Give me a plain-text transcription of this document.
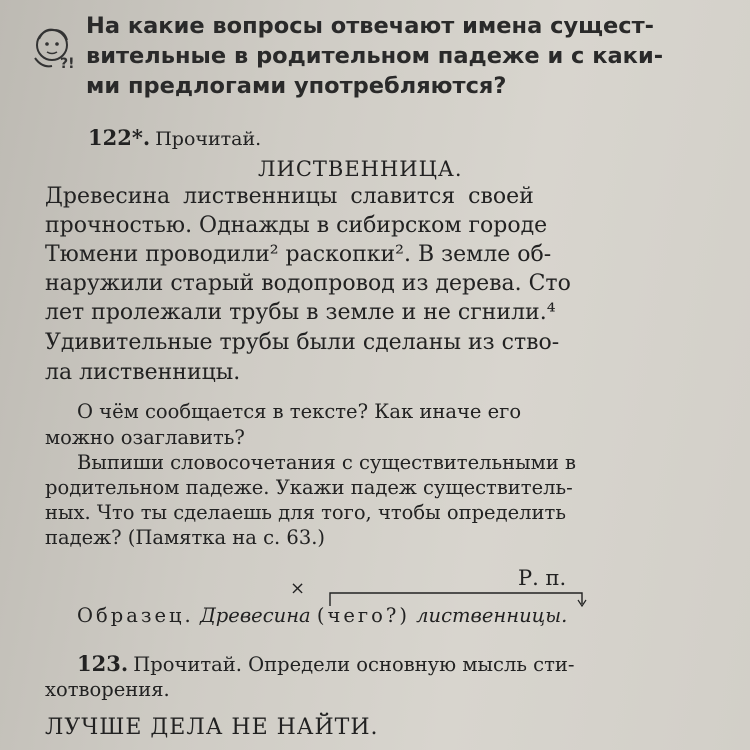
?!
На какие вопросы отвечают имена сущест-
вительные в родительном падеже и с каки-
ми предлогами употребляются?
122*. Прочитай.
ЛИСТВЕННИЦА.
Древесина лиственницы славится своей
прочностью. Однажды в сибирском городе
Тюмени проводили² раскопки². В земле об-
наружили старый водопровод из дерева. Сто
лет пролежали трубы в земле и не сгнили.⁴
Удивительные трубы были сделаны из ство-
ла лиственницы.
О чём сообщается в тексте? Как иначе его
можно озаглавить?
Выпиши словосочетания с существительными в
родительном падеже. Укажи падеж существитель-
ных. Что ты сделаешь для того, чтобы определить
падеж? (Памятка на с. 63.)
Р. п.
×
Образец. Древесина (чего?) лиственницы.
123. Прочитай. Определи основную мысль сти-
хотворения.
ЛУЧШЕ ДЕЛА НЕ НАЙТИ.
